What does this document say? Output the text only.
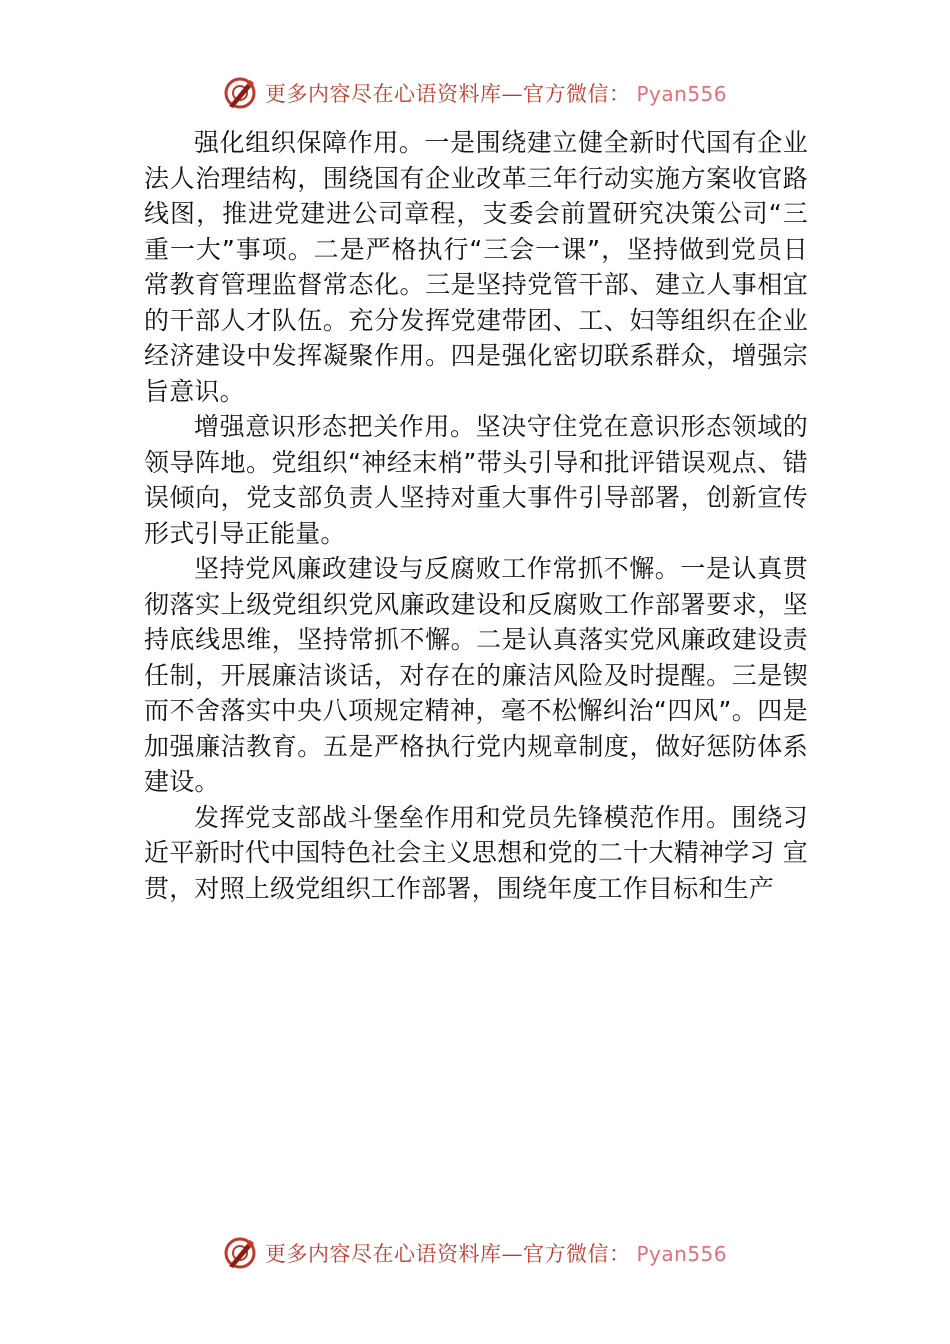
更多内容尽在心语资料库—官方微信： Pyan556

强化组织保障作用。一是围绕建立健全新时代国有企业法人治理结构，围绕国有企业改革三年行动实施方案收官路线图，推进党建进公司章程，支委会前置研究决策公司“三重一大”事项。二是严格执行“三会一课”，坚持做到党员日常教育管理监督常态化。三是坚持党管干部、建立人事相宜的干部人才队伍。充分发挥党建带团、工、妇等组织在企业经济建设中发挥凝聚作用。四是强化密切联系群众，增强宗旨意识。

增强意识形态把关作用。坚决守住党在意识形态领域的领导阵地。党组织“神经末梢”带头引导和批评错误观点、错误倾向，党支部负责人坚持对重大事件引导部署，创新宣传形式引导正能量。

坚持党风廉政建设与反腐败工作常抓不懈。一是认真贯彻落实上级党组织党风廉政建设和反腐败工作部署要求，坚持底线思维，坚持常抓不懈。二是认真落实党风廉政建设责任制，开展廉洁谈话，对存在的廉洁风险及时提醒。三是锲而不舍落实中央八项规定精神，毫不松懈纠治“四风”。四是加强廉洁教育。五是严格执行党内规章制度，做好惩防体系建设。

发挥党支部战斗堡垒作用和党员先锋模范作用。围绕习近平新时代中国特色社会主义思想和党的二十大精神学习 宣贯，对照上级党组织工作部署，围绕年度工作目标和生产

更多内容尽在心语资料库—官方微信： Pyan556
